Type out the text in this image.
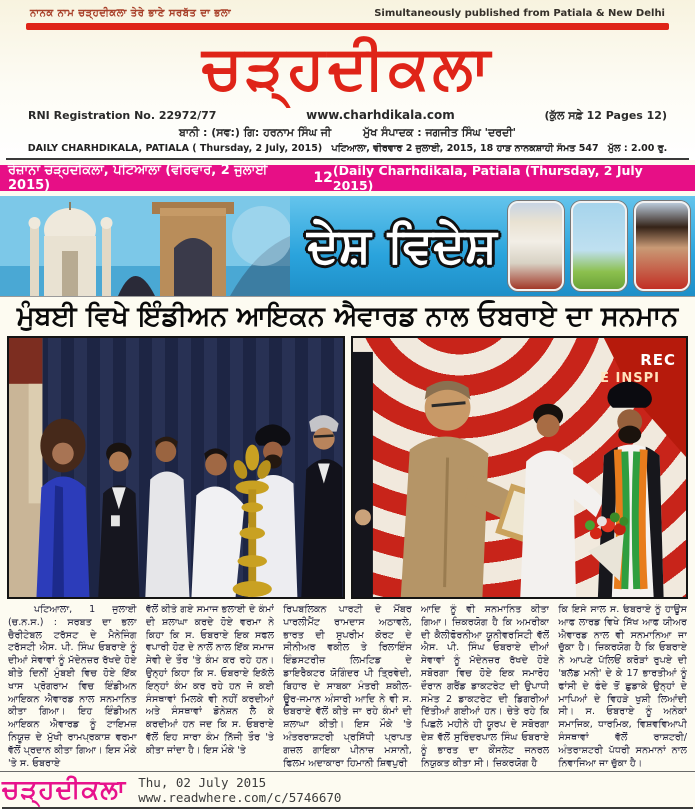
ਨਾਨਕ ਨਾਮ ਚੜ੍ਹਦੀਕਲਾ ਤੇਰੇ ਭਾਣੇ ਸਰਬੱਤ ਦਾ ਭਲਾ	Simultaneously published from Patiala & New Delhi
ਚੜ੍ਹਦੀਕਲਾ
RNI Registration No. 22972/77	www.charhdikala.com	(ਕੁੱਲ ਸਫ਼ੇ 12 Pages 12)
ਬਾਨੀ : (ਸਵ:) ਗਿ: ਹਰਨਾਮ ਸਿੰਘ ਜੀ	ਮੁੱਖ ਸੰਪਾਦਕ : ਜਗਜੀਤ ਸਿੰਘ 'ਦਰਦੀ'
DAILY CHARHDIKALA, PATIALA ( Thursday, 2 July, 2015) ਪਟਿਆਲਾ, ਵੀਰਵਾਰ 2 ਜੁਲਾਈ, 2015, 18 ਹਾੜ ਨਾਨਕਸ਼ਾਹੀ ਸੰਮਤ 547 ਮੁੱਲ : 2.00 ਰੁ.
ਰੋਜ਼ਾਨਾ ਚੜ੍ਹਦੀਕਲਾ, ਪਟਿਆਲਾ (ਵੀਰਵਾਰ, 2 ਜੁਲਾਈ 2015)	12 (Daily Charhdikala, Patiala (Thursday, 2 July 2015)
ਦੇਸ਼ ਵਿਦੇਸ਼
ਮੁੰਬਈ ਵਿਖੇ ਇੰਡੀਅਨ ਆਇਕਨ ਐਵਾਰਡ ਨਾਲ ਓਬਰਾਏ ਦਾ ਸਨਮਾਨ
REC
E INSPI
ਪਟਿਆਲਾ, 1 ਜੁਲਾਈ (ਚ.ਨ.ਸ.) : ਸਰਬਤ ਦਾ ਭਲਾ ਚੈਰੀਟੇਬਲ ਟਰੱਸਟ ਦੇ ਮੈਨੇਜਿੰਗ ਟਰੱਸਟੀ ਐਸ. ਪੀ. ਸਿੰਘ ਓਬਰਾਏ ਨੂੰ ਦੀਆਂ ਸੇਵਾਵਾਂ ਨੂੰ ਮੱਦੇਨਜ਼ਰ ਰੱਖਦੇ ਹੋਏ ਬੀਤੇ ਦਿਨੀਂ ਮੁੰਬਈ ਵਿਚ ਹੋਏ ਇੱਕ ਖਾਸ ਪ੍ਰੋਗਰਾਮ ਵਿਚ ਇੰਡੀਅਨ ਆਇਕਨ ਐਵਾਰਡ ਨਾਲ ਸਨਮਾਨਿਤ ਕੀਤਾ ਗਿਆ। ਇਹ ਇੰਡੀਅਨ ਆਇਕਨ ਐਵਾਰਡ ਨੂੰ ਟਾਇਮਜ਼ ਨਿਯੂਜ਼ ਦੇ ਮੁੱਖੀ ਰਾਮਪ੍ਰਕਾਸ਼ ਵਰਮਾ ਵੱਲੋਂ ਪ੍ਰਦਾਨ ਕੀਤਾ ਗਿਆ। ਇਸ ਮੌਕੇ 'ਤੇ ਸ. ਓਬਰਾਏ
ਵੱਲੋਂ ਕੀਤੇ ਗਏ ਸਮਾਜ ਭਲਾਈ ਦੇ ਕੰਮਾਂ ਦੀ ਸ਼ਲਾਘਾ ਕਰਦੇ ਹੋਏ ਵਰਮਾ ਨੇ ਕਿਹਾ ਕਿ ਸ. ਓਬਰਾਏ ਇਕ ਸਫਲ ਵਪਾਰੀ ਹੋਣ ਦੇ ਨਾਲੋਂ ਨਾਲ ਇੱਕ ਸਮਾਜ ਸੇਵੀ ਦੇ ਤੌਰ 'ਤੇ ਕੰਮ ਕਰ ਰਹੇ ਹਨ। ਉਨ੍ਹਾਂ ਕਿਹਾ ਕਿ ਸ. ਓਬਰਾਏ ਇਕੱਲੇ ਇਨ੍ਹਾਂ ਕੰਮ ਕਰ ਰਹੇ ਹਨ ਜੋ ਕਈ ਸੰਸਥਾਵਾਂ ਮਿਲਕੇ ਵੀ ਨਹੀਂ ਕਰਦੀਆਂ ਅਤੇ ਸੰਸਥਾਵਾਂ ਡੋਨੇਸ਼ਨ ਲੈ ਕੇ ਕਰਦੀਆਂ ਹਨ ਜਦ ਕਿ ਸ. ਓਬਰਾਏ ਵੱਲੋਂ ਇਹ ਸਾਰਾ ਕੰਮ ਨਿੱਜੀ ਤੌਰ 'ਤੇ ਕੀਤਾ ਜਾਂਦਾ ਹੈ। ਇਸ ਮੌਕੇ 'ਤੇ
ਰਿਪਬਲਿਕਨ ਪਾਰਟੀ ਦੇ ਮੈਂਬਰ ਪਾਰਲੀਮੈਂਟ ਰਾਮਦਾਸ ਅਠਾਵਲੇ, ਭਾਰਤ ਦੀ ਸੁਪਰੀਮ ਕੋਰਟ ਦੇ ਸੀਨੀਅਰ ਵਕੀਲ ਤੇ ਰਿਲਾਇੰਸ ਇੰਡਸਟਰੀਜ਼ ਲਿਮਟਿਡ ਦੇ ਡਾਇਰੈਕਟਰ ਯੋਗਿੰਦਰ ਪੀ ਤ੍ਰਿਵੇਦੀ, ਬਿਹਾਰ ਦੇ ਸਾਬਕਾ ਮੰਤਰੀ ਸ਼ਕੀਲ-ਊਰ-ਜਮਾਨ ਅੰਸਾਰੀ ਆਦਿ ਨੇ ਵੀ ਸ. ਓਬਰਾਏ ਵੱਲੋਂ ਕੀਤੇ ਜਾ ਰਹੇ ਕੰਮਾਂ ਦੀ ਸ਼ਲਾਘਾ ਕੀਤੀ। ਇਸ ਮੌਕੇ 'ਤੇ ਅੰਤਰਰਾਸ਼ਟਰੀ ਪ੍ਰਸਿੱਧੀ ਪ੍ਰਾਪਤ ਗਜ਼ਲ ਗਾਇਕਾ ਪੀਨਾਜ਼ ਮਸਾਨੀ, ਫਿਲਮ ਅਦਾਕਾਰਾ ਹਿਮਾਨੀ ਸ਼ਿਵਪੁਰੀ
ਆਦਿ ਨੂੰ ਵੀ ਸਨਮਾਨਿਤ ਕੀਤਾ ਗਿਆ। ਜ਼ਿਕਰਯੋਗ ਹੈ ਕਿ ਅਮਰੀਕਾ ਦੀ ਕੈਲੀਫੋਰਨੀਆ ਯੂਨੀਵਰਸਿਟੀ ਵੱਲੋਂ ਐਸ. ਪੀ. ਸਿੰਘ ਓਬਰਾਏ ਦੀਆਂ ਸੇਵਾਵਾਂ ਨੂੰ ਮੱਦੇਨਜ਼ਰ ਰੱਖਦੇ ਹੋਏ ਸਬੋਰਗਾ ਵਿਚ ਹੋਏ ਇਕ ਸਮਾਰੋਹ ਦੌਰਾਨ ਗਰੈਂਡ ਡਾਕਟਰੇਟ ਦੀ ਉਪਾਧੀ ਸਮੇਤ 2 ਡਾਕਟਰੇਟ ਦੀ ਡਿਗਰੀਆਂ ਦਿੱਤੀਆਂ ਗਈਆਂ ਹਨ। ਚੇਤੇ ਰਹੇ ਕਿ ਪਿਛਲੇ ਮਹੀਨੇ ਹੀ ਯੂਰਪ ਦੇ ਸਬੋਰਗਾ ਦੇਸ਼ ਵੱਲੋਂ ਸੁਰਿੰਦਰਪਾਲ ਸਿੰਘ ਓਬਰਾਏ ਨੂੰ ਭਾਰਤ ਦਾ ਕੌਂਸਲੇਟ ਜਨਰਲ ਨਿਯੁਕਤ ਕੀਤਾ ਸੀ। ਜ਼ਿਕਰਯੋਗ ਹੈ
ਕਿ ਇਸੇ ਸਾਲ ਸ. ਓਬਰਾਏ ਨੂੰ ਹਾਊਸ ਆਫ ਲਾਰਡ ਵਿਖੇ ਸਿੱਖ ਆਫ ਯੀਅਰ ਐਵਾਰਡ ਨਾਲ ਵੀ ਸਨਮਾਨਿਆ ਜਾ ਚੁੱਕਾ ਹੈ। ਜ਼ਿਕਰਯੋਗ ਹੈ ਕਿ ਓਬਰਾਏ ਨੇ ਆਪਣੇ ਪੱਲਿਓਂ ਕਰੋੜਾਂ ਰੁਪਏ ਦੀ 'ਬਲੱਡ ਮਨੀ' ਦੇ ਕੇ 17 ਭਾਰਤੀਆਂ ਨੂੰ ਫਾਂਸੀ ਦੇ ਫੰਦੇ ਤੋਂ ਛੁਡਾਕੇ ਉਨ੍ਹਾਂ ਦੇ ਮਾਪਿਆਂ ਦੇ ਵਿਹੜੇ ਖੁਸ਼ੀ ਲਿਆਂਦੀ ਸੀ। ਸ. ਓਬਰਾਏ ਨੂੰ ਅਨੇਕਾਂ ਸਮਾਜਿਕ, ਧਾਰਮਿਕ, ਵਿਸ਼ਵਵਿਆਪੀ ਸੰਸਥਾਵਾਂ ਵੱਲੋਂ ਰਾਸ਼ਟਰੀ/ ਅੰਤਰਾਸ਼ਟਰੀ ਪੱਧਰੀ ਸਨਮਾਨਾਂ ਨਾਲ ਨਿਵਾਜਿਆ ਜਾ ਚੁੱਕਾ ਹੈ।
ਚੜ੍ਹਦੀਕਲਾ Thu, 02 July 2015
www.readwhere.com/c/5746670
